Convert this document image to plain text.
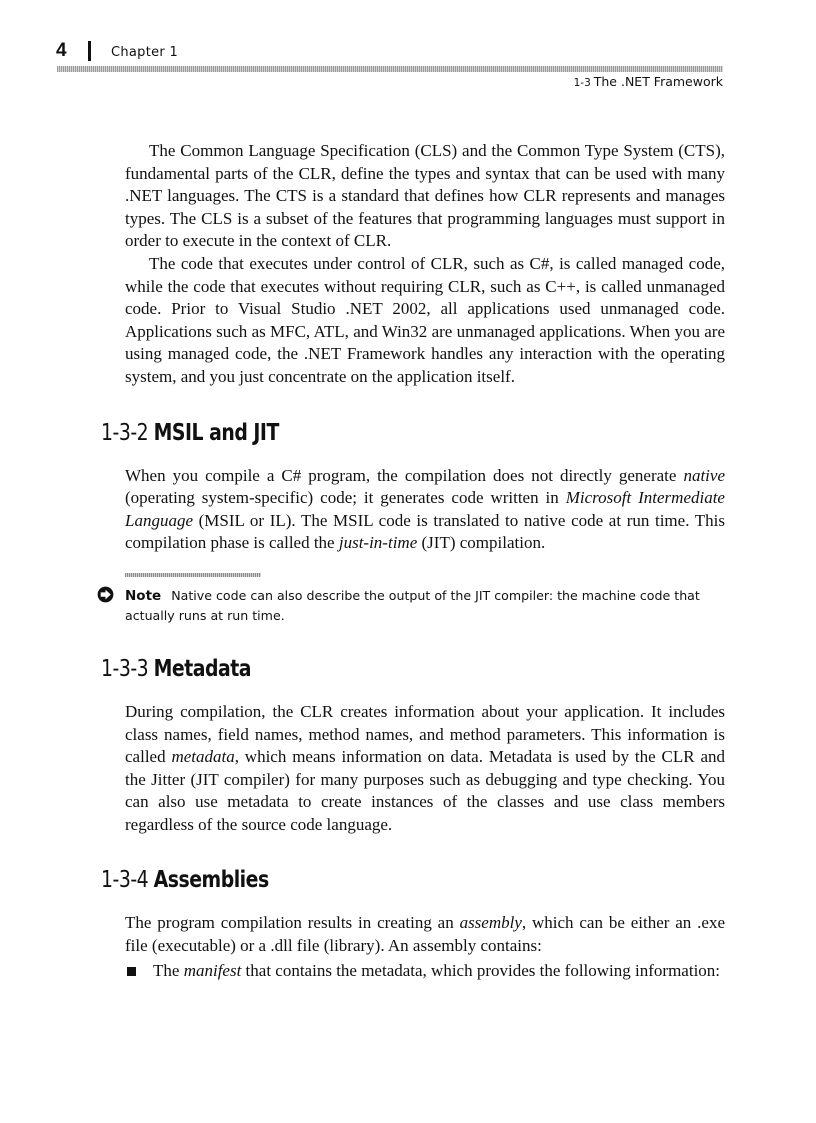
4	Chapter 1
1-3 The .NET Framework

The Common Language Specification (CLS) and the Common Type System (CTS), fundamental parts of the CLR, define the types and syntax that can be used with many .NET languages. The CTS is a standard that defines how CLR represents and manages types. The CLS is a subset of the features that programming languages must support in order to execute in the context of CLR.

The code that executes under control of CLR, such as C#, is called managed code, while the code that executes without requiring CLR, such as C++, is called unmanaged code. Prior to Visual Studio .NET 2002, all applications used unmanaged code. Applications such as MFC, ATL, and Win32 are unmanaged applications. When you are using managed code, the .NET Framework handles any interaction with the operating system, and you just concentrate on the application itself.

1-3-2 MSIL and JIT

When you compile a C# program, the compilation does not directly generate native (operating system-specific) code; it generates code written in Microsoft Intermediate Language (MSIL or IL). The MSIL code is translated to native code at run time. This compilation phase is called the just-in-time (JIT) compilation.

Note Native code can also describe the output of the JIT compiler: the machine code that actually runs at run time.
1-3-3 Metadata

During compilation, the CLR creates information about your application. It includes class names, field names, method names, and method parameters. This information is called metadata, which means information on data. Metadata is used by the CLR and the Jitter (JIT compiler) for many purposes such as debugging and type checking. You can also use metadata to create instances of the classes and use class members regardless of the source code language.

1-3-4 Assemblies

The program compilation results in creating an assembly, which can be either an .exe file (executable) or a .dll file (library). An assembly contains:

The manifest that contains the metadata, which provides the following information:
